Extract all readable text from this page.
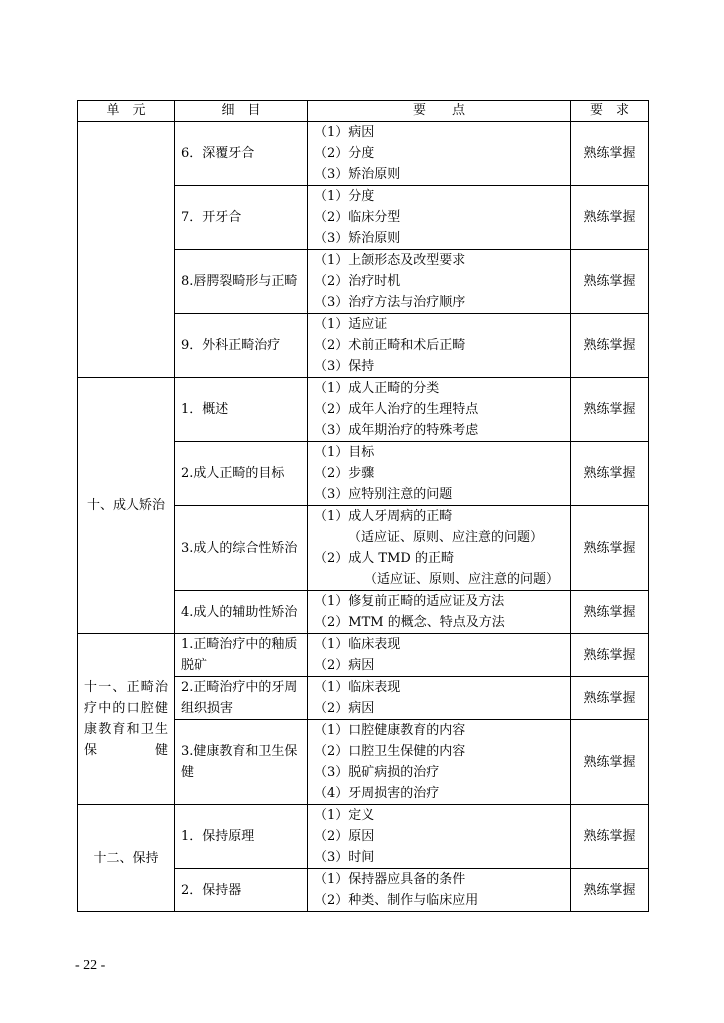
单　元	细　目	要　　点	要　求
	6．深覆牙合	（1）病因
（2）分度
（3）矫治原则	熟练掌握
	7．开牙合	（1）分度
（2）临床分型
（3）矫治原则	熟练掌握
	8.唇腭裂畸形与正畸	（1）上颌形态及改型要求
（2）治疗时机
（3）治疗方法与治疗顺序	熟练掌握
	9．外科正畸治疗	（1）适应证
（2）术前正畸和术后正畸
（3）保持	熟练掌握
十、成人矫治	1．概述	（1）成人正畸的分类
（2）成年人治疗的生理特点
（3）成年期治疗的特殊考虑	熟练掌握
	2.成人正畸的目标	（1）目标
（2）步骤
（3）应特别注意的问题	熟练掌握
	3.成人的综合性矫治	（1）成人牙周病的正畸
（适应证、原则、应注意的问题）
（2）成人 TMD 的正畸
（适应证、原则、应注意的问题）	熟练掌握
	4.成人的辅助性矫治	（1）修复前正畸的适应证及方法
（2）MTM 的概念、特点及方法	熟练掌握
十一、正畸治疗中的口腔健康教育和卫生保健	1.正畸治疗中的釉质脱矿	（1）临床表现
（2）病因	熟练掌握
	2.正畸治疗中的牙周组织损害	（1）临床表现
（2）病因	熟练掌握
	3.健康教育和卫生保健	（1）口腔健康教育的内容
（2）口腔卫生保健的内容
（3）脱矿病损的治疗
（4）牙周损害的治疗	熟练掌握
十二、保持	1．保持原理	（1）定义
（2）原因
（3）时间	熟练掌握
	2．保持器	（1）保持器应具备的条件
（2）种类、制作与临床应用	熟练掌握
- 22 -
